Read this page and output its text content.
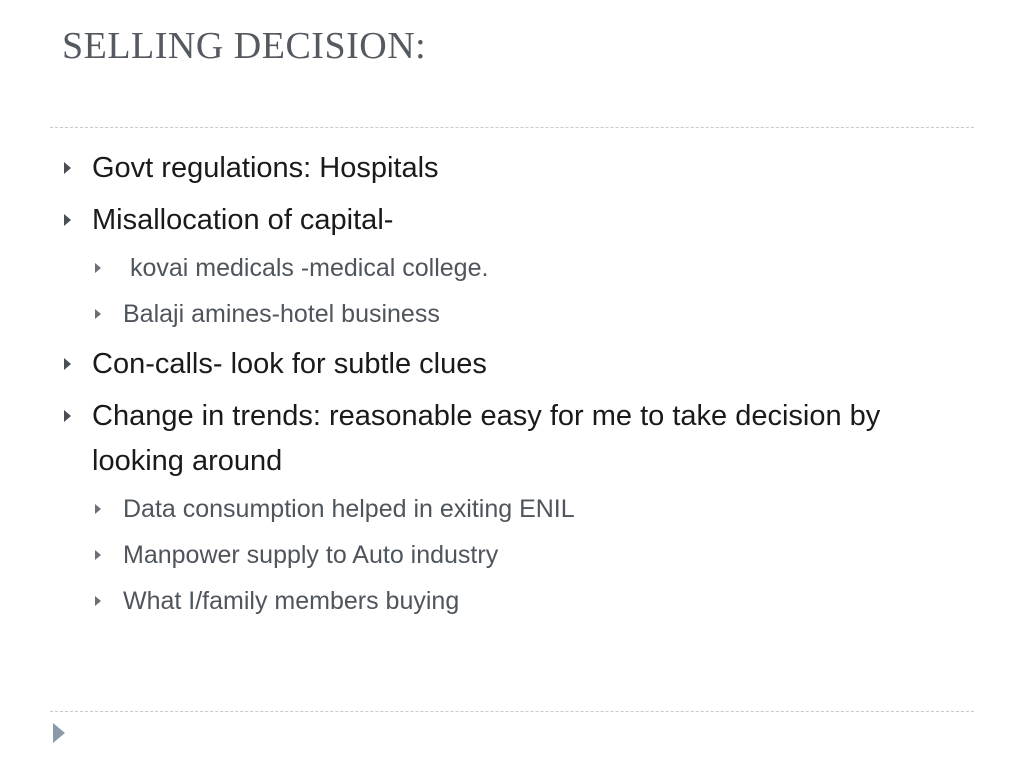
SELLING DECISION:
Govt regulations: Hospitals
Misallocation of capital-
kovai medicals -medical college.
Balaji amines-hotel business
Con-calls- look for subtle clues
Change in trends: reasonable easy for me to take decision by looking around
Data consumption helped in exiting ENIL
Manpower supply to Auto industry
What I/family members buying
